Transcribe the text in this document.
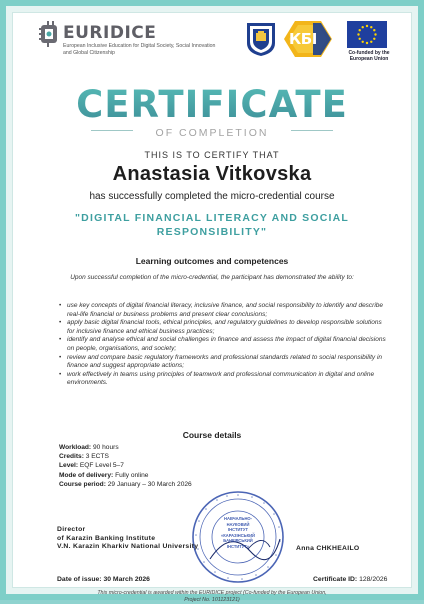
EURIDICE
European Inclusive Education for Digital Society, Social Innovation and Global Citizenship
КБІ
Co-funded by the European Union
CERTIFICATE
OF COMPLETION
THIS IS TO CERTIFY THAT
Anastasia Vitkovska
has successfully completed the micro-credential course
"DIGITAL FINANCIAL LITERACY AND SOCIAL RESPONSIBILITY"
Learning outcomes and competences
Upon successful completion of the micro-credential, the participant has demonstrated the ability to:
• use key concepts of digital financial literacy, inclusive finance, and social responsibility to identify and describe real-life financial or business problems and present clear conclusions;
• apply basic digital financial tools, ethical principles, and regulatory guidelines to develop responsible solutions for inclusive finance and ethical business practices;
• identify and analyse ethical and social challenges in finance and assess the impact of digital financial decisions on people, organisations, and society;
• review and compare basic regulatory frameworks and professional standards related to social responsibility in finance and suggest appropriate actions;
• work effectively in teams using principles of teamwork and professional communication in digital and online environments.
Course details
Workload: 90 hours
Credits: 3 ECTS
Level: EQF Level 5–7
Mode of delivery: Fully online
Course period: 29 January – 30 March 2026
НАВЧАЛЬНО-
НАУКОВИЙ
ІНСТИТУТ
«КАРАЗІНСЬКИЙ
БАНКІВСЬКИЙ
ІНСТИТУТ»
Director
of Karazin Banking Institute
V.N. Karazin Kharkiv National University	Anna CHKHEAILO
Date of issue: 30 March 2026	Certificate ID: 128/2026
This micro-credential is awarded within the EURIDICE project (Co-funded by the European Union, Project No. 101123121)
